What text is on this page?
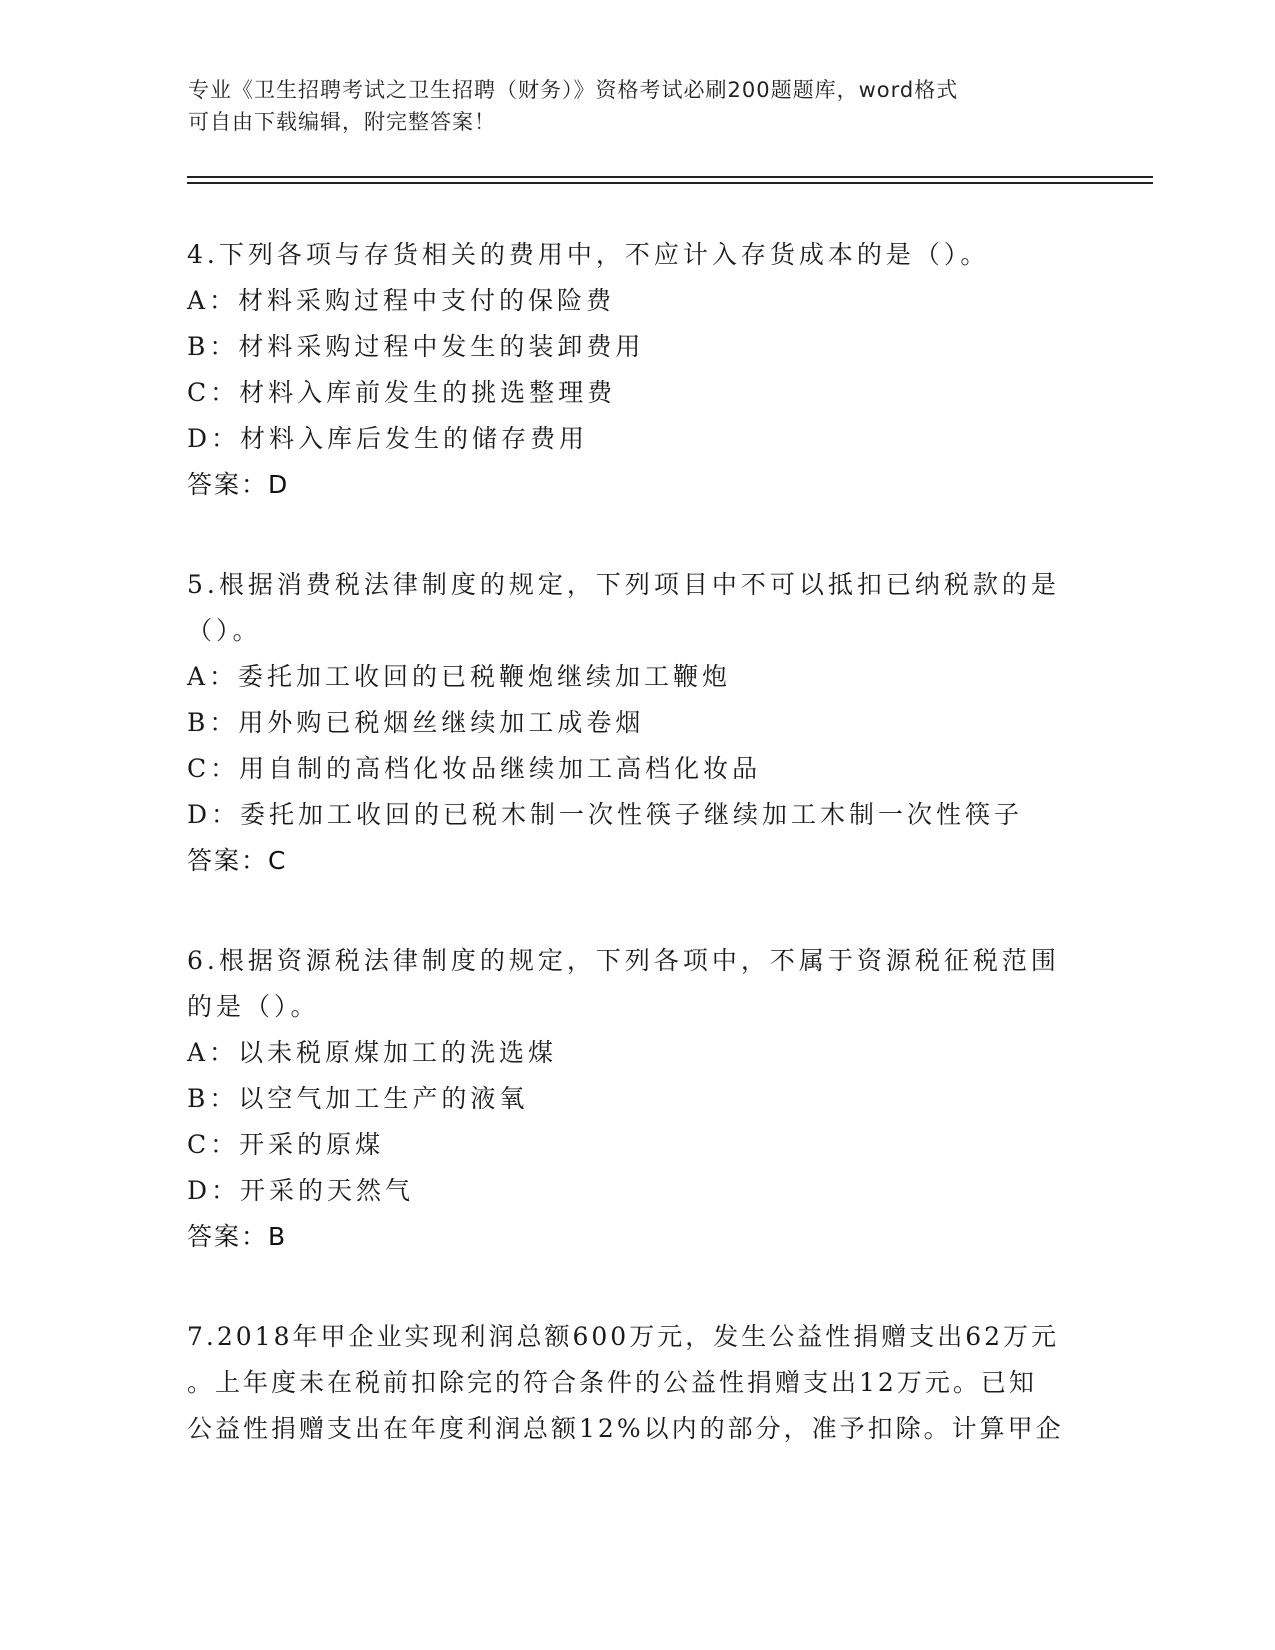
专业《卫生招聘考试之卫生招聘（财务）》资格考试必刷200题题库，word格式
可自由下载编辑，附完整答案！
4.下列各项与存货相关的费用中，不应计入存货成本的是（）。
A：材料采购过程中支付的保险费
B：材料采购过程中发生的装卸费用
C：材料入库前发生的挑选整理费
D：材料入库后发生的储存费用
答案：D
5.根据消费税法律制度的规定，下列项目中不可以抵扣已纳税款的是
（）。
A：委托加工收回的已税鞭炮继续加工鞭炮
B：用外购已税烟丝继续加工成卷烟
C：用自制的高档化妆品继续加工高档化妆品
D：委托加工收回的已税木制一次性筷子继续加工木制一次性筷子
答案：C
6.根据资源税法律制度的规定，下列各项中，不属于资源税征税范围
的是（）。
A：以未税原煤加工的洗选煤
B：以空气加工生产的液氧
C：开采的原煤
D：开采的天然气
答案：B
7.2018年甲企业实现利润总额600万元，发生公益性捐赠支出62万元
。上年度未在税前扣除完的符合条件的公益性捐赠支出12万元。已知
公益性捐赠支出在年度利润总额12%以内的部分，准予扣除。计算甲企
